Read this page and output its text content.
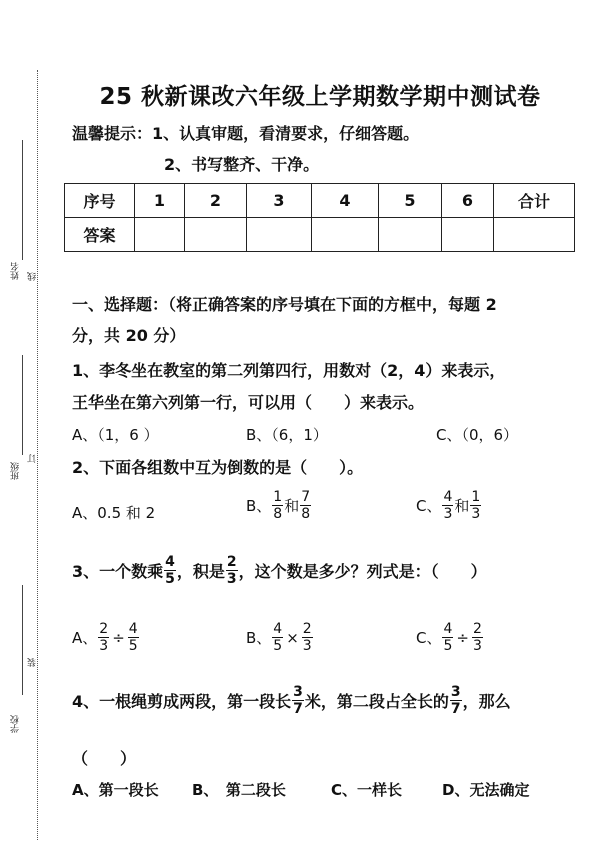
姓名 线
班级
订
学校
装
25 秋新课改六年级上学期数学期中测试卷
温馨提示：1、认真审题，看清要求，仔细答题。
2、书写整齐、干净。
序号	1	2	3	4	5	6	合计
答案							
一、选择题：（将正确答案的序号填在下面的方框中，每题 2
分，共 20 分）
1、李冬坐在教室的第二列第四行，用数对（2，4）来表示，
王华坐在第六列第一行，可以用（　　）来表示。
A、（1，6 ）	B、（6，1）	C、（0，6）
2、下面各组数中互为倒数的是（　　）。
A、0.5 和 2	B、 $\frac{1}{8}$ 和 $\frac{7}{8}$	C、 $\frac{4}{3}$ 和 $\frac{1}{3}$
3、一个数乘 $\frac{4}{5}$ ，积是 $\frac{2}{3}$ ，这个数是多少？列式是：（　　）
A、 $\frac{2}{3} \div \frac{4}{5}$	B、 $\frac{4}{5} \times \frac{2}{3}$	C、 $\frac{4}{5} \div \frac{2}{3}$
4、一根绳剪成两段，第一段长 $\frac{3}{7}$ 米，第二段占全长的 $\frac{3}{7}$ ，那么
（　　）
A、第一段长 B、　第二段长	C、一样长	D、无法确定
